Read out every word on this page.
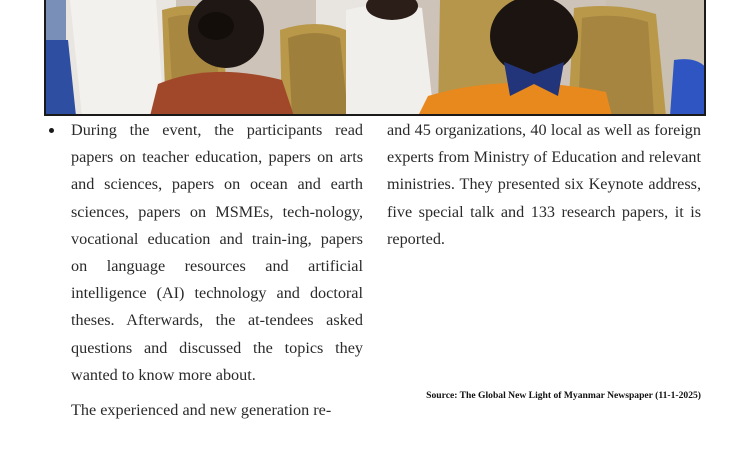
During the event, the participants read papers on teacher education, papers on arts and sciences, papers on ocean and earth sciences, papers on MSMEs, tech-nology, vocational education and train-ing, papers on language resources and artificial intelligence (AI) technology and doctoral theses. Afterwards, the at-tendees asked questions and discussed the topics they wanted to know more about.

The experienced and new generation re-

and 45 organizations, 40 local as well as foreign experts from Ministry of Education and relevant ministries. They presented six Keynote address, five special talk and 133 research papers, it is reported.

Source: The Global New Light of Myanmar Newspaper (11-1-2025)
